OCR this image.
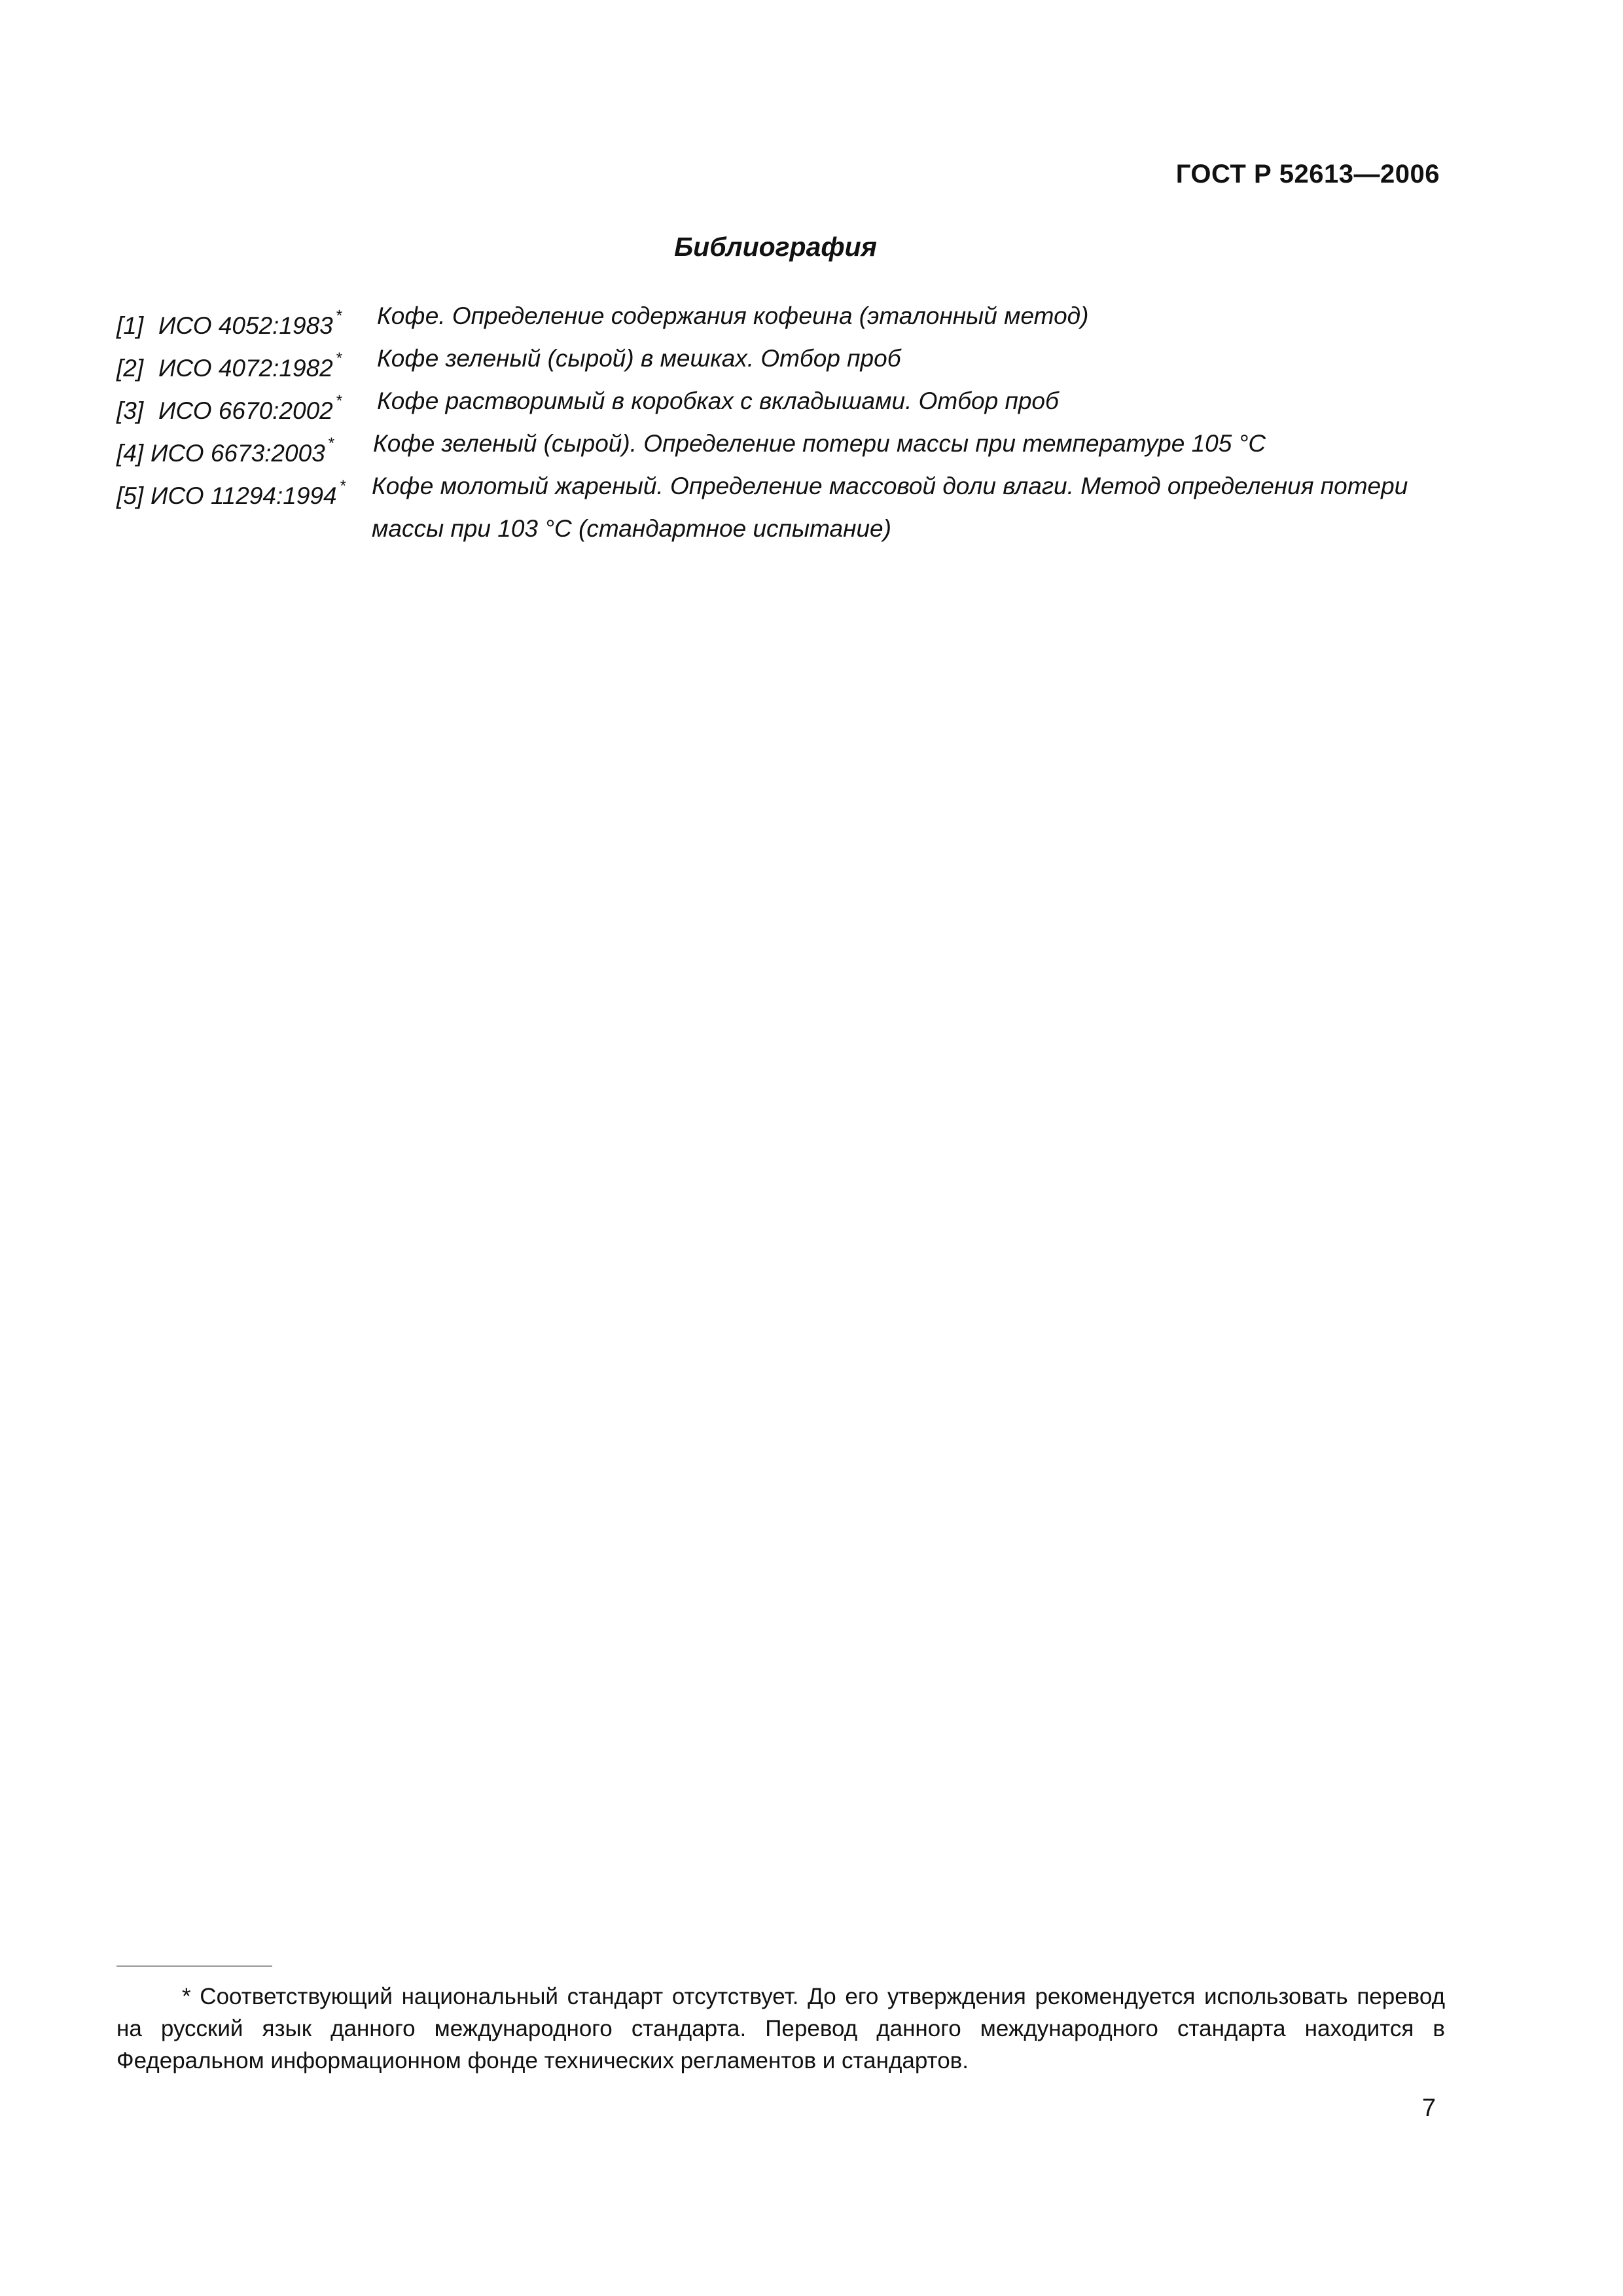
ГОСТ Р 52613—2006
Библиография
[1] ИСО 4052:1983 * Кофе. Определение содержания кофеина (эталонный метод)
[2] ИСО 4072:1982 * Кофе зеленый (сырой) в мешках. Отбор проб
[3] ИСО 6670:2002 * Кофе растворимый в коробках с вкладышами. Отбор проб
[4] ИСО 6673:2003 * Кофе зеленый (сырой). Определение потери массы при температуре 105 °С
[5] ИСО 11294:1994 * Кофе молотый жареный. Определение массовой доли влаги. Метод определения потери
массы при 103 °С (стандартное испытание)
* Соответствующий национальный стандарт отсутствует. До его утверждения рекомендуется использовать перевод на русский язык данного международного стандарта. Перевод данного международного стандарта находится в Федеральном информационном фонде технических регламентов и стандартов.
7
